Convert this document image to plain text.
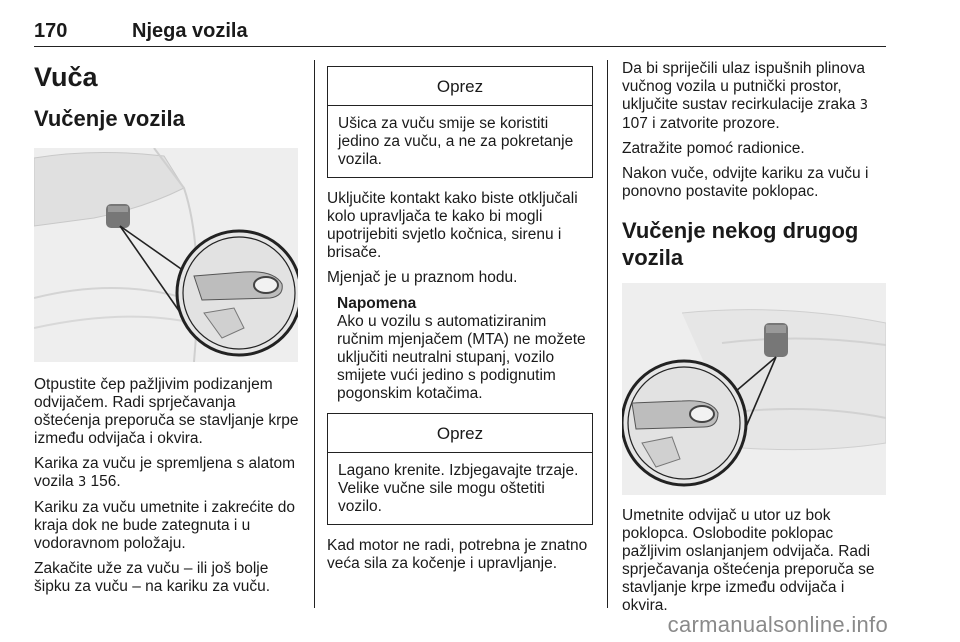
170	Njega vozila
Vuča
Vučenje vozila

Otpustite čep pažljivim podizanjem odvijačem. Radi sprječavanja oštećenja preporuča se stavljanje krpe između odvijača i okvira.

Karika za vuču je spremljena s alatom vozila 3 156.

Kariku za vuču umetnite i zakrećite do kraja dok ne bude zategnuta i u vodoravnom položaju.

Zakačite uže za vuču – ili još bolje šipku za vuču – na kariku za vuču.

Oprez
Ušica za vuču smije se koristiti jedino za vuču, a ne za pokretanje vozila.

Uključite kontakt kako biste otključali kolo upravljača te kako bi mogli upotrijebiti svjetlo kočnica, sirenu i brisače.

Mjenjač je u praznom hodu.

Napomena
Ako u vozilu s automatiziranim ručnim mjenjačem (MTA) ne možete uključiti neutralni stupanj, vozilo smijete vući jedino s podignutim pogonskim kotačima.
Oprez
Lagano krenite. Izbjegavajte trzaje. Velike vučne sile mogu oštetiti vozilo.

Kad motor ne radi, potrebna je znatno veća sila za kočenje i upravljanje.

Da bi spriječili ulaz ispušnih plinova vučnog vozila u putnički prostor, uključite sustav recirkulacije zraka 3 107 i zatvorite prozore.

Zatražite pomoć radionice.

Nakon vuče, odvijte kariku za vuču i ponovno postavite poklopac.

Vučenje nekog drugog vozila

Umetnite odvijač u utor uz bok poklopca. Oslobodite poklopac pažljivim oslanjanjem odvijača. Radi sprječavanja oštećenja preporuča se stavljanje krpe između odvijača i okvira.

carmanualsonline.info
